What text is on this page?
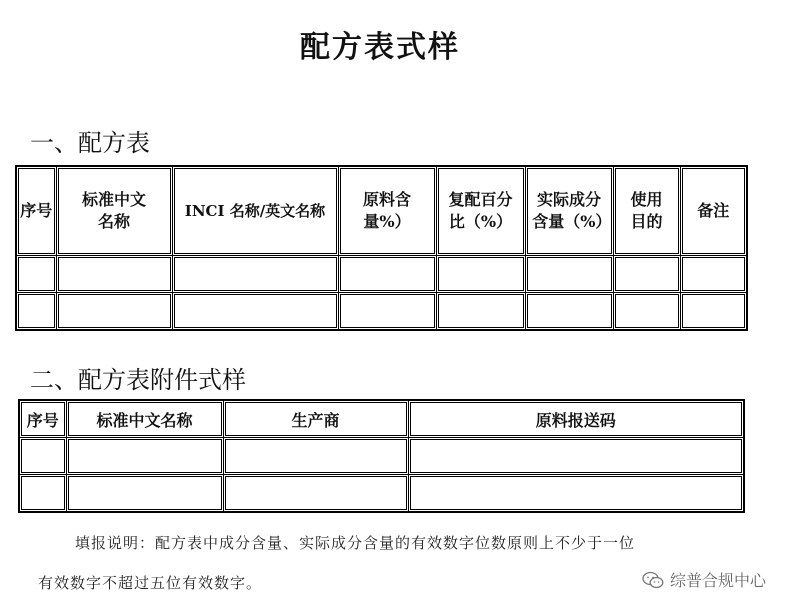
配方表式样
一、配方表
序号	标准中文名称	INCI 名称/英文名称	原料含量%）	复配百分比（%）	实际成分含量（%）	使用目的	备注

二、配方表附件式样
序号	标准中文名称	生产商	原料报送码

填报说明：配方表中成分含量、实际成分含量的有效数字位数原则上不少于一位
有效数字不超过五位有效数字。	综普合规中心
